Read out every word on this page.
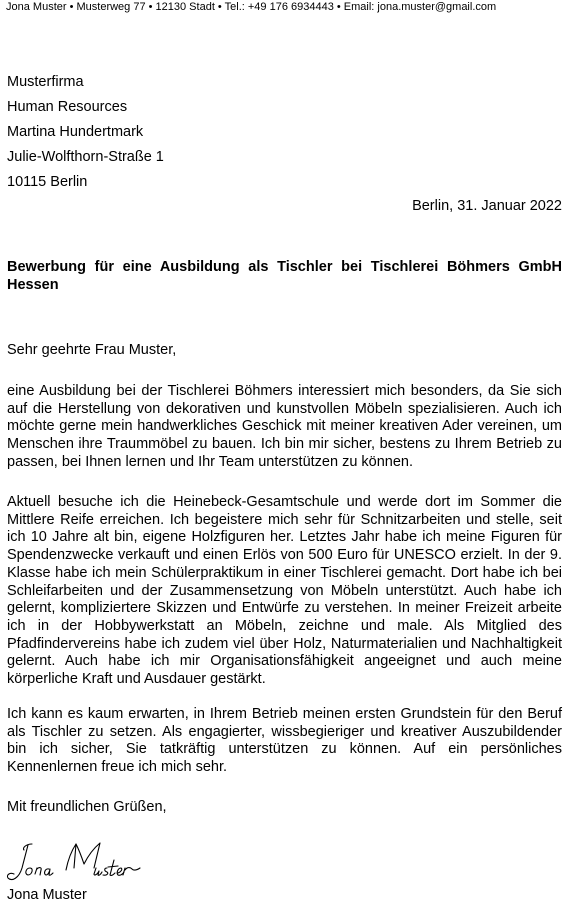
Jona Muster • Musterweg 77 • 12130 Stadt • Tel.: +49 176 6934443 • Email: jona.muster@gmail.com
Musterfirma
Human Resources
Martina Hundertmark
Julie-Wolfthorn-Straße 1
10115 Berlin
Berlin, 31. Januar 2022
Bewerbung für eine Ausbildung als Tischler bei Tischlerei Böhmers GmbH Hessen
Sehr geehrte Frau Muster,
eine Ausbildung bei der Tischlerei Böhmers interessiert mich besonders, da Sie sich auf die Herstellung von dekorativen und kunstvollen Möbeln spezialisieren. Auch ich möchte gerne mein handwerkliches Geschick mit meiner kreativen Ader vereinen, um Menschen ihre Traummöbel zu bauen. Ich bin mir sicher, bestens zu Ihrem Betrieb zu passen, bei Ihnen lernen und Ihr Team unterstützen zu können.
Aktuell besuche ich die Heinebeck-Gesamtschule und werde dort im Sommer die Mittlere Reife erreichen. Ich begeistere mich sehr für Schnitzarbeiten und stelle, seit ich 10 Jahre alt bin, eigene Holzfiguren her. Letztes Jahr habe ich meine Figuren für Spendenzwecke verkauft und einen Erlös von 500 Euro für UNESCO erzielt. In der 9. Klasse habe ich mein Schülerpraktikum in einer Tischlerei gemacht. Dort habe ich bei Schleifarbeiten und der Zusammensetzung von Möbeln unterstützt. Auch habe ich gelernt, kompliziertere Skizzen und Entwürfe zu verstehen. In meiner Freizeit arbeite ich in der Hobbywerkstatt an Möbeln, zeichne und male. Als Mitglied des Pfadfindervereins habe ich zudem viel über Holz, Naturmaterialien und Nachhaltigkeit gelernt. Auch habe ich mir Organisationsfähigkeit angeeignet und auch meine körperliche Kraft und Ausdauer gestärkt.
Ich kann es kaum erwarten, in Ihrem Betrieb meinen ersten Grundstein für den Beruf als Tischler zu setzen. Als engagierter, wissbegieriger und kreativer Auszubildender bin ich sicher, Sie tatkräftig unterstützen zu können. Auf ein persönliches Kennenlernen freue ich mich sehr.
Mit freundlichen Grüßen,
Jona Muster
